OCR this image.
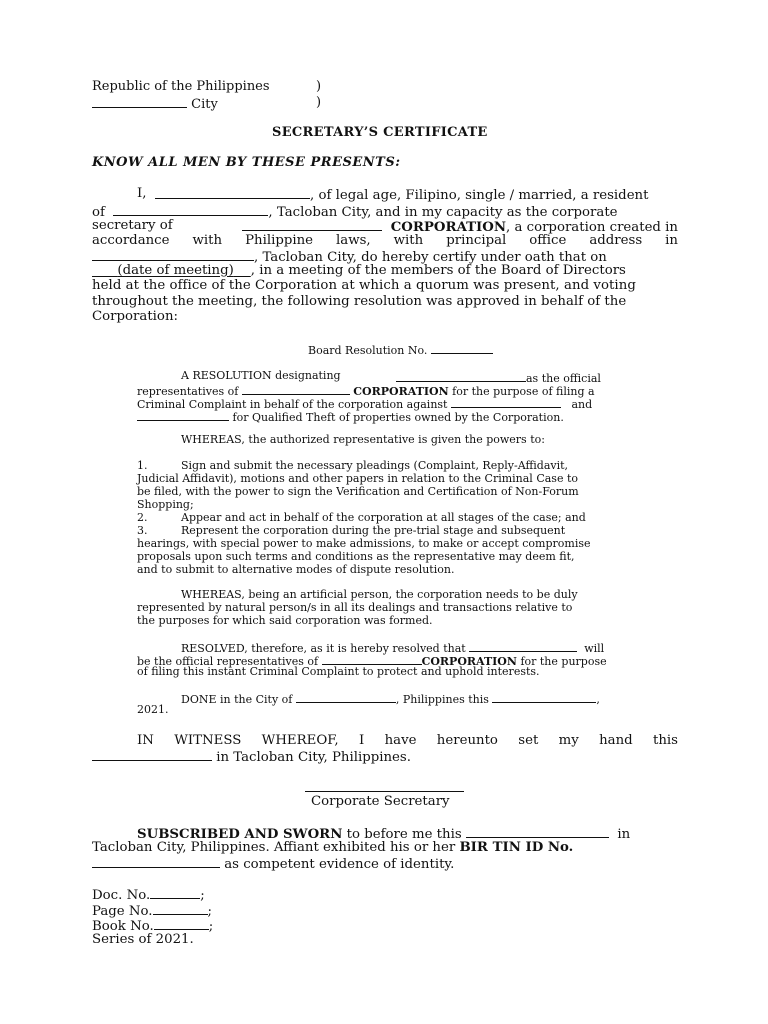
Republic of the Philippines	)
City	)
SECRETARY’S CERTIFICATE
KNOW ALL MEN BY THESE PRESENTS:
I,	, of legal age, Filipino, single / married, a resident
of	, Tacloban City, and in my capacity as the corporate
secretary of	CORPORATION, a corporation created in
accordance with Philippine laws, with principal office address in
, Tacloban City, do hereby certify under oath that on
(date of meeting) , in a meeting of the members of the Board of Directors
held at the office of the Corporation at which a quorum was present, and voting
throughout the meeting, the following resolution was approved in behalf of the
Corporation:
Board Resolution No.
A RESOLUTION designating	as the official
representatives of	CORPORATION for the purpose of filing a
Criminal Complaint in behalf of the corporation against	and
for Qualified Theft of properties owned by the Corporation.
WHEREAS, the authorized representative is given the powers to:
1.	Sign and submit the necessary pleadings (Complaint, Reply-Affidavit,
Judicial Affidavit), motions and other papers in relation to the Criminal Case to
be filed, with the power to sign the Verification and Certification of Non-Forum
Shopping;
2.	Appear and act in behalf of the corporation at all stages of the case; and
3.	Represent the corporation during the pre-trial stage and subsequent
hearings, with special power to make admissions, to make or accept compromise
proposals upon such terms and conditions as the representative may deem fit,
and to submit to alternative modes of dispute resolution.
WHEREAS, being an artificial person, the corporation needs to be duly
represented by natural person/s in all its dealings and transactions relative to
the purposes for which said corporation was formed.
RESOLVED, therefore, as it is hereby resolved that	will
be the official representatives of	CORPORATION for the purpose
of filing this instant Criminal Complaint to protect and uphold interests.
DONE in the City of	, Philippines this	,
2021.
IN WITNESS WHEREOF, I have hereunto set my hand this
in Tacloban City, Philippines.
Corporate Secretary
SUBSCRIBED AND SWORN to before me this	in
Tacloban City, Philippines. Affiant exhibited his or her BIR TIN ID No.
as competent evidence of identity.
Doc. No.	;
Page No.	;
Book No.	;
Series of 2021.
